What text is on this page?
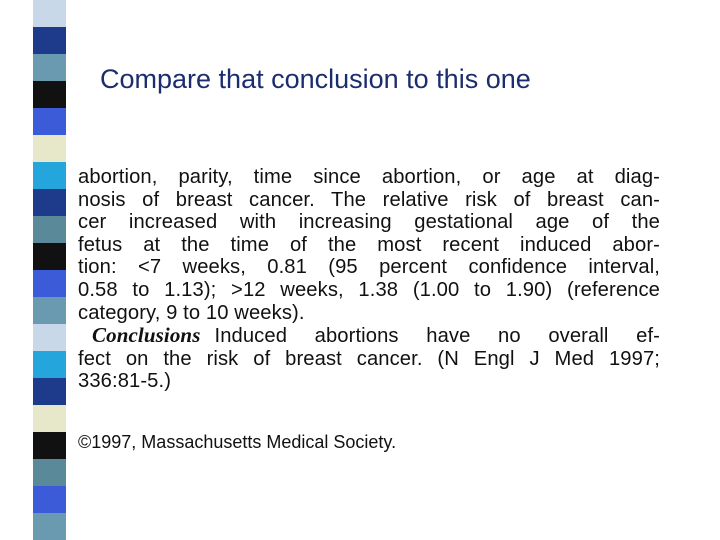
Compare that conclusion to this one
abortion, parity, time since abortion, or age at diag-
nosis of breast cancer. The relative risk of breast can-
cer increased with increasing gestational age of the
fetus at the time of the most recent induced abor-
tion: <7 weeks, 0.81 (95 percent confidence interval,
0.58 to 1.13); >12 weeks, 1.38 (1.00 to 1.90) (reference
category, 9 to 10 weeks).
Conclusions Induced abortions have no overall ef-
fect on the risk of breast cancer. (N Engl J Med 1997;
336:81-5.)
©1997, Massachusetts Medical Society.
